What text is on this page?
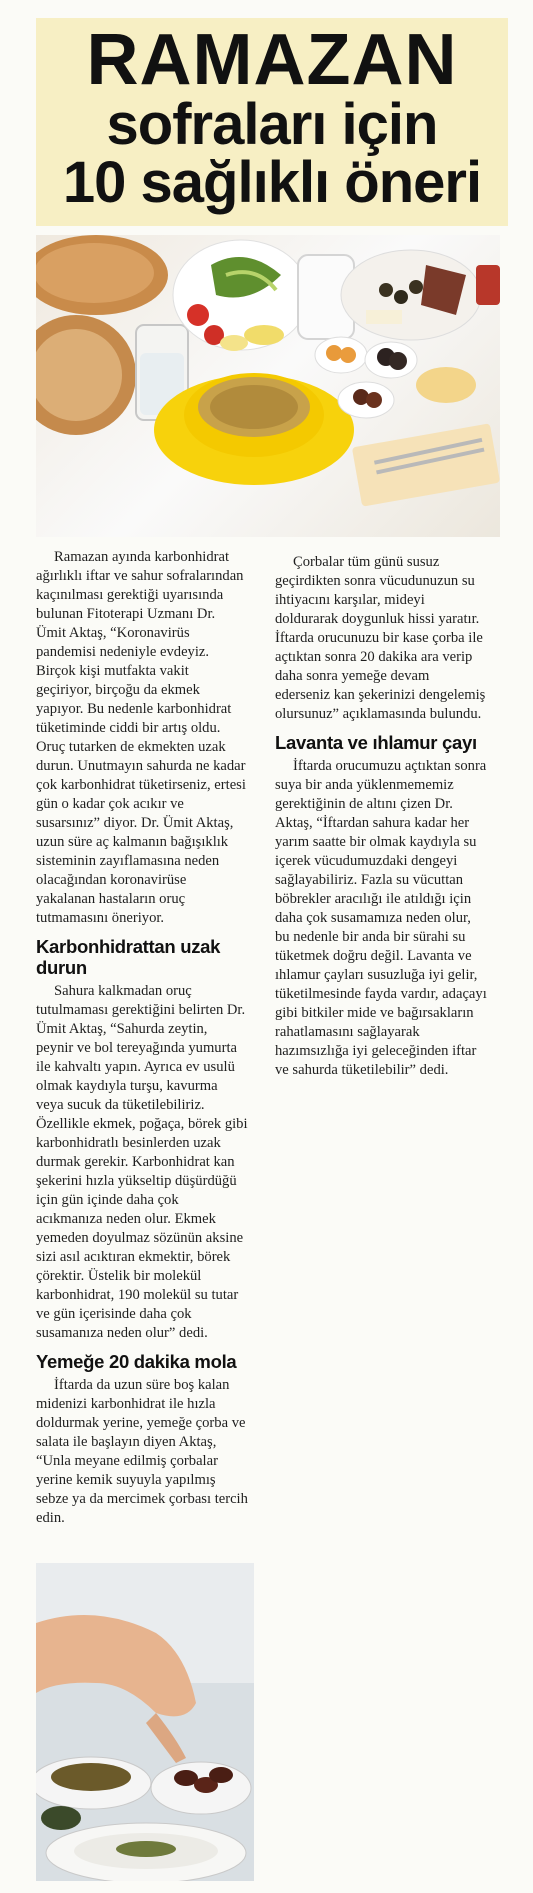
RAMAZAN
sofraları için
10 sağlıklı öneri

Ramazan ayında karbonhidrat ağırlıklı iftar ve sahur sofralarından kaçınılması gerektiği uyarısında bulunan Fitoterapi Uzmanı Dr. Ümit Aktaş, “Koronavirüs pandemisi nedeniyle evdeyiz. Birçok kişi mutfakta vakit geçiriyor, birçoğu da ekmek yapıyor. Bu nedenle karbonhidrat tüketiminde ciddi bir artış oldu. Oruç tutarken de ekmekten uzak durun. Unutmayın sahurda ne kadar çok karbonhidrat tüketirseniz, ertesi gün o kadar çok acıkır ve susarsınız” diyor. Dr. Ümit Aktaş, uzun süre aç kalmanın bağışıklık sisteminin zayıflamasına neden olacağından koronavirüse yakalanan hastaların oruç tutmamasını öneriyor.

Karbonhidrattan uzak durun

Sahura kalkmadan oruç tutulmaması gerektiğini belirten Dr. Ümit Aktaş, “Sahurda zeytin, peynir ve bol tereyağında yumurta ile kahvaltı yapın. Ayrıca ev usulü olmak kaydıyla turşu, kavurma veya sucuk da tüketilebiliriz. Özellikle ekmek, poğaça, börek gibi karbonhidratlı besinlerden uzak durmak gerekir. Karbonhidrat kan şekerini hızla yükseltip düşürdüğü için gün içinde daha çok acıkmanıza neden olur. Ekmek yemeden doyulmaz sözünün aksine sizi asıl acıktıran ekmektir, börek çörektir. Üstelik bir molekül karbonhidrat, 190 molekül su tutar ve gün içerisinde daha çok susamanıza neden olur” dedi.

Yemeğe 20 dakika mola

İftarda da uzun süre boş kalan midenizi karbonhidrat ile hızla doldurmak yerine, yemeğe çorba ve salata ile başlayın diyen Aktaş, “Unla meyane edilmiş çorbalar yerine kemik suyuyla yapılmış sebze ya da mercimek çorbası tercih edin.

Çorbalar tüm günü susuz geçirdikten sonra vücudunuzun su ihtiyacını karşılar, mideyi doldurarak doygunluk hissi yaratır. İftarda orucunuzu bir kase çorba ile açtıktan sonra 20 dakika ara verip daha sonra yemeğe devam ederseniz kan şekerinizi dengelemiş olursunuz” açıklamasında bulundu.

Lavanta ve ıhlamur çayı

İftarda orucumuzu açtıktan sonra suya bir anda yüklenmememiz gerektiğinin de altını çizen Dr. Aktaş, “İftardan sahura kadar her yarım saatte bir olmak kaydıyla su içerek vücudumuzdaki dengeyi sağlayabiliriz. Fazla su vücuttan böbrekler aracılığı ile atıldığı için daha çok susamamıza neden olur, bu nedenle bir anda bir sürahi su tüketmek doğru değil. Lavanta ve ıhlamur çayları susuzluğa iyi gelir, tüketilmesinde fayda vardır, adaçayı gibi bitkiler mide ve bağırsakların rahatlamasını sağlayarak hazımsızlığa iyi geleceğinden iftar ve sahurda tüketilebilir” dedi.
